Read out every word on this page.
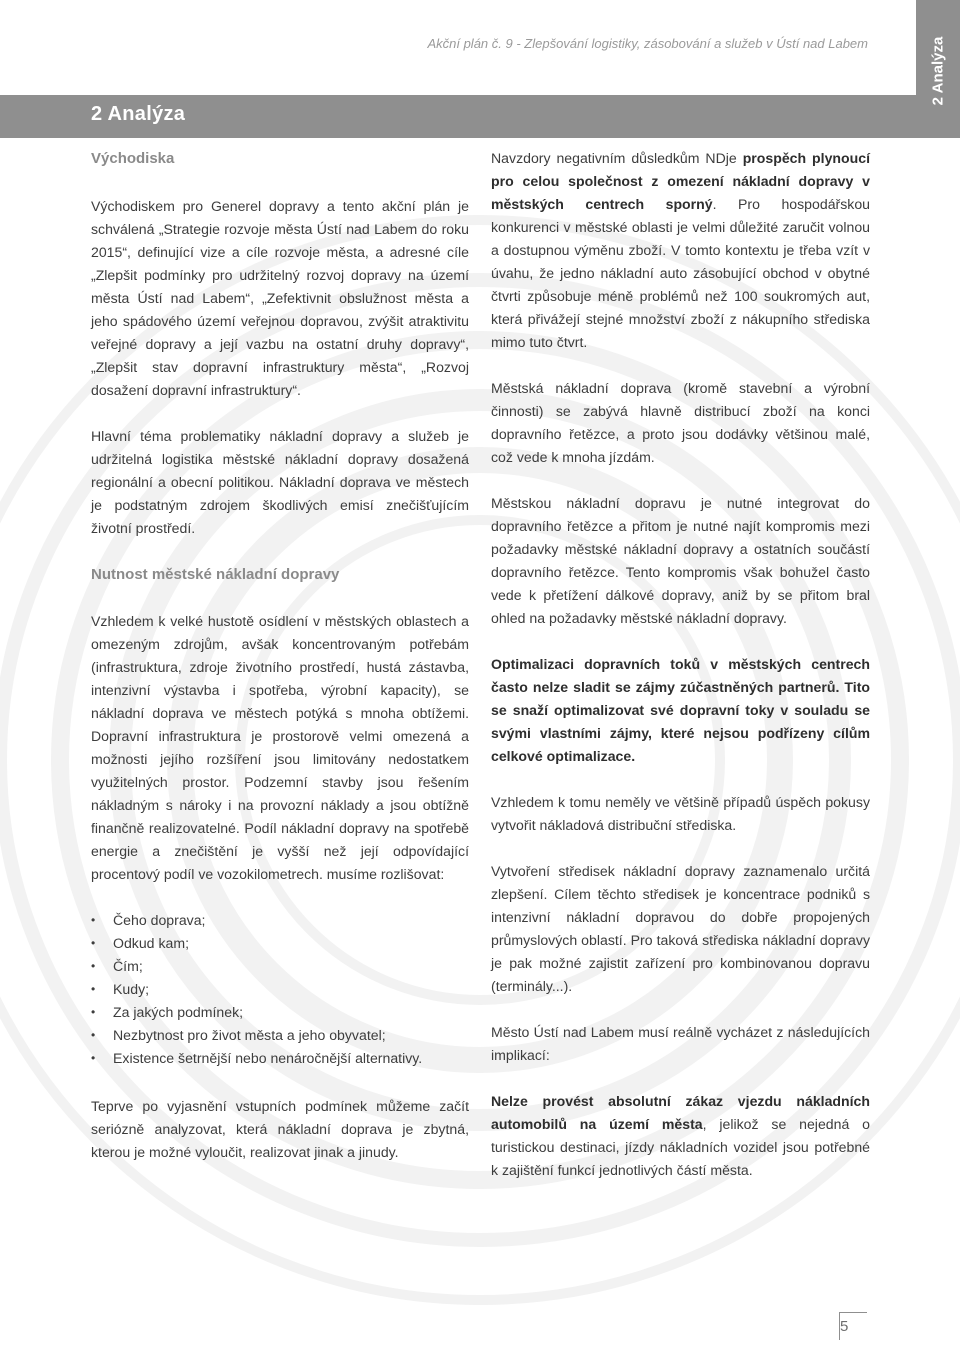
Akční plán č. 9 - Zlepšování logistiky, zásobování a služeb v Ústí nad Labem
2 Analýza
2 Analýza

Východiska

Východiskem pro Generel dopravy a tento akční plán je schválená „Strategie rozvoje města Ústí nad Labem do roku 2015“, definující vize a cíle rozvoje města, a adresné cíle „Zlepšit podmínky pro udržitelný rozvoj dopravy na území města Ústí nad Labem“, „Zefektivnit obslužnost města a jeho spádového území veřejnou dopravou, zvýšit atraktivitu veřejné dopravy a její vazbu na ostatní druhy dopravy“, „Zlepšit stav dopravní infrastruktury města“, „Rozvoj dosažení dopravní infrastruktury“.

Hlavní téma problematiky nákladní dopravy a služeb je udržitelná logistika městské nákladní dopravy dosažená regionální a obecní politikou. Nákladní doprava ve městech je podstatným zdrojem škodlivých emisí znečišťujícím životní prostředí.

Nutnost městské nákladní dopravy

Vzhledem k velké hustotě osídlení v městských oblastech a omezeným zdrojům, avšak koncentrovaným potřebám (infrastruktura, zdroje životního prostředí, hustá zástavba, intenzivní výstavba i spotřeba, výrobní kapacity), se nákladní doprava ve městech potýká s mnoha obtížemi. Dopravní infrastruktura je prostorově velmi omezená a možnosti jejího rozšíření jsou limitovány nedostatkem využitelných prostor. Podzemní stavby jsou řešením nákladným s nároky i na provozní náklady a jsou obtížně finančně realizovatelné. Podíl nákladní dopravy na spotřebě energie a znečištění je vyšší než její odpovídající procentový podíl ve vozokilometrech. musíme rozlišovat:

• Čeho doprava;
• Odkud kam;
• Čím;
• Kudy;
• Za jakých podmínek;
• Nezbytnost pro život města a jeho obyvatel;
• Existence šetrnější nebo nenáročnější alternativy.

Teprve po vyjasnění vstupních podmínek můžeme začít seriózně analyzovat, která nákladní doprava je zbytná, kterou je možné vyloučit, realizovat jinak a jinudy.

Navzdory negativním důsledkům NDje prospěch plynoucí pro celou společnost z omezení nákladní dopravy v městských centrech sporný. Pro hospodářskou konkurenci v městské oblasti je velmi důležité zaručit volnou a dostupnou výměnu zboží. V tomto kontextu je třeba vzít v úvahu, že jedno nákladní auto zásobující obchod v obytné čtvrti způsobuje méně problémů než 100 soukromých aut, která přivážejí stejné množství zboží z nákupního střediska mimo tuto čtvrt.

Městská nákladní doprava (kromě stavební a výrobní činnosti) se zabývá hlavně distribucí zboží na konci dopravního řetězce, a proto jsou dodávky většinou malé, což vede k mnoha jízdám.

Městskou nákladní dopravu je nutné integrovat do dopravního řetězce a přitom je nutné najít kompromis mezi požadavky městské nákladní dopravy a ostatních součástí dopravního řetězce. Tento kompromis však bohužel často vede k přetížení dálkové dopravy, aniž by se přitom bral ohled na požadavky městské nákladní dopravy.

Optimalizaci dopravních toků v městských centrech často nelze sladit se zájmy zúčastněných partnerů. Tito se snaží optimalizovat své dopravní toky v souladu se svými vlastními zájmy, které nejsou podřízeny cílům celkové optimalizace.

Vzhledem k tomu neměly ve většině případů úspěch pokusy vytvořit nákladová distribuční střediska.

Vytvoření středisek nákladní dopravy zaznamenalo určitá zlepšení. Cílem těchto středisek je koncentrace podniků s intenzivní nákladní dopravou do dobře propojených průmyslových oblastí. Pro taková střediska nákladní dopravy je pak možné zajistit zařízení pro kombinovanou dopravu (terminály...).

Město Ústí nad Labem musí reálně vycházet z následujících implikací:

Nelze provést absolutní zákaz vjezdu nákladních automobilů na území města, jelikož se nejedná o turistickou destinaci, jízdy nákladních vozidel jsou potřebné k zajištění funkcí jednotlivých částí města.

5
